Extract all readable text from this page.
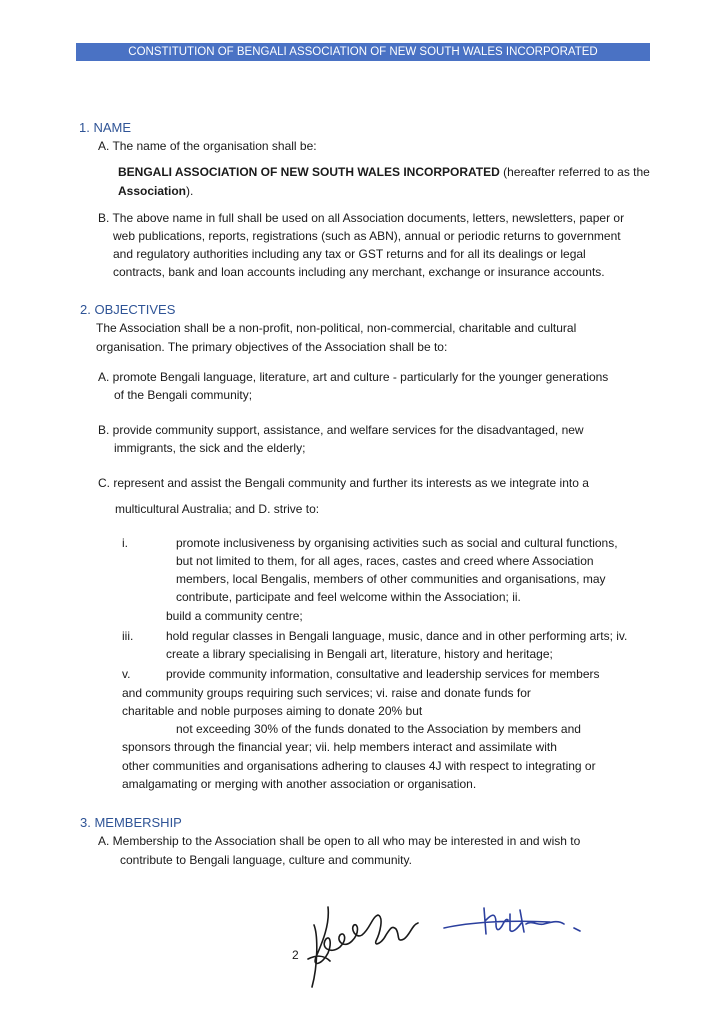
CONSTITUTION OF BENGALI ASSOCIATION OF NEW SOUTH WALES INCORPORATED
1. NAME
A. The name of the organisation shall be:
BENGALI ASSOCIATION OF NEW SOUTH WALES INCORPORATED (hereafter referred to as the
Association).
B. The above name in full shall be used on all Association documents, letters, newsletters, paper or
web publications, reports, registrations (such as ABN), annual or periodic returns to government
and regulatory authorities including any tax or GST returns and for all its dealings or legal
contracts, bank and loan accounts including any merchant, exchange or insurance accounts.
2. OBJECTIVES
The Association shall be a non-profit, non-political, non-commercial, charitable and cultural
organisation. The primary objectives of the Association shall be to:
A. promote Bengali language, literature, art and culture - particularly for the younger generations
of the Bengali community;
B. provide community support, assistance, and welfare services for the disadvantaged, new
immigrants, the sick and the elderly;
C. represent and assist the Bengali community and further its interests as we integrate into a
multicultural Australia; and D. strive to:
i.	promote inclusiveness by organising activities such as social and cultural functions,
but not limited to them, for all ages, races, castes and creed where Association
members, local Bengalis, members of other communities and organisations, may
contribute, participate and feel welcome within the Association; ii.
build a community centre;
iii.	hold regular classes in Bengali language, music, dance and in other performing arts; iv.
create a library specialising in Bengali art, literature, history and heritage;
v.	provide community information, consultative and leadership services for members
and community groups requiring such services; vi. raise and donate funds for
charitable and noble purposes aiming to donate 20% but
not exceeding 30% of the funds donated to the Association by members and
sponsors through the financial year; vii. help members interact and assimilate with
other communities and organisations adhering to clauses 4J with respect to integrating or
amalgamating or merging with another association or organisation.
3. MEMBERSHIP
A. Membership to the Association shall be open to all who may be interested in and wish to
contribute to Bengali language, culture and community.
2
